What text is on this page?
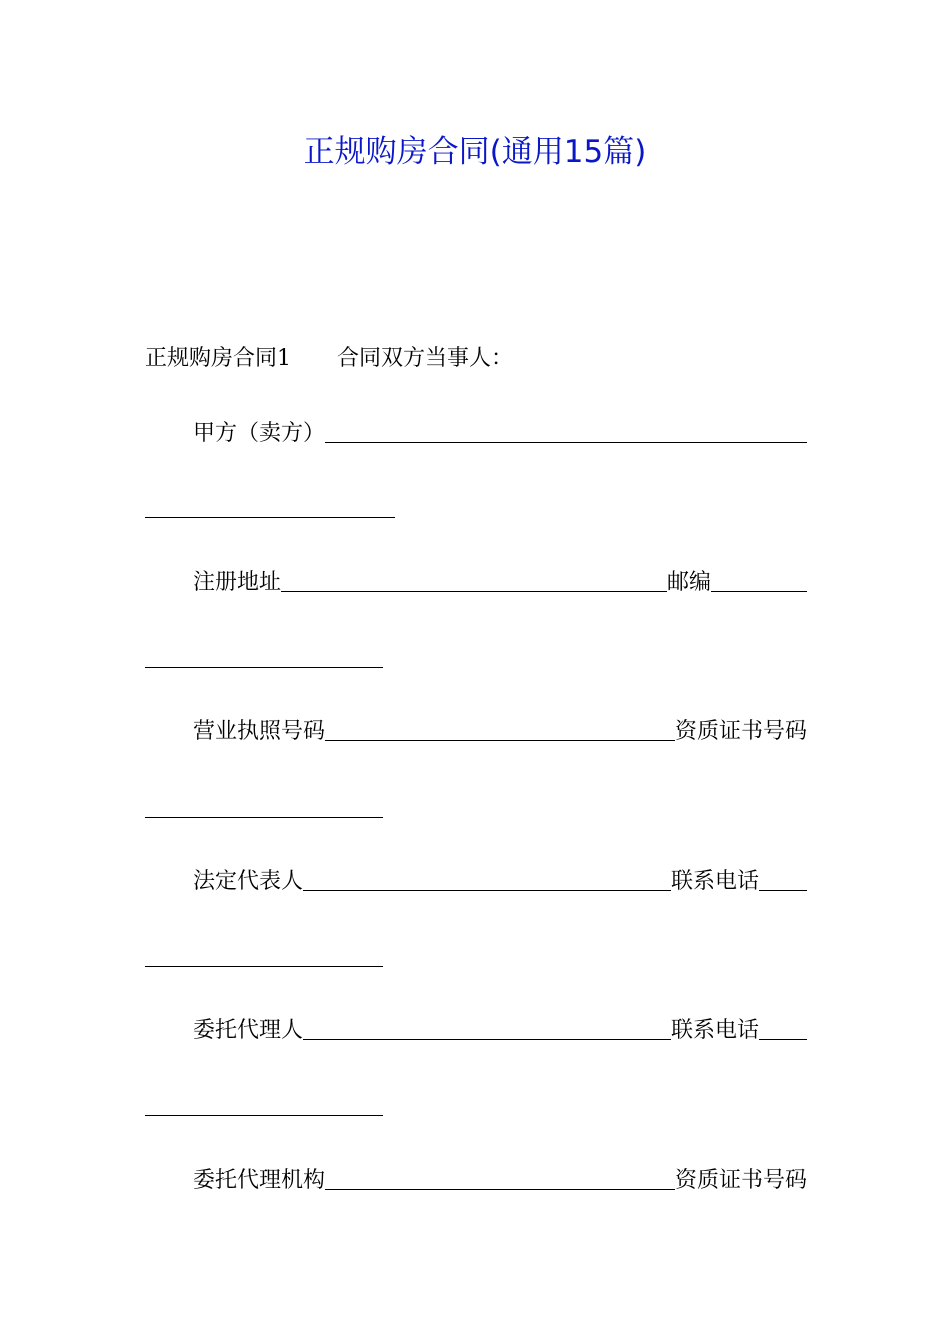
正规购房合同(通用15篇)
正规购房合同1 合同双方当事人：
甲方（卖方）
注册地址	邮编
营业执照号码	资质证书号码
法定代表人	联系电话
委托代理人	联系电话
委托代理机构	资质证书号码
